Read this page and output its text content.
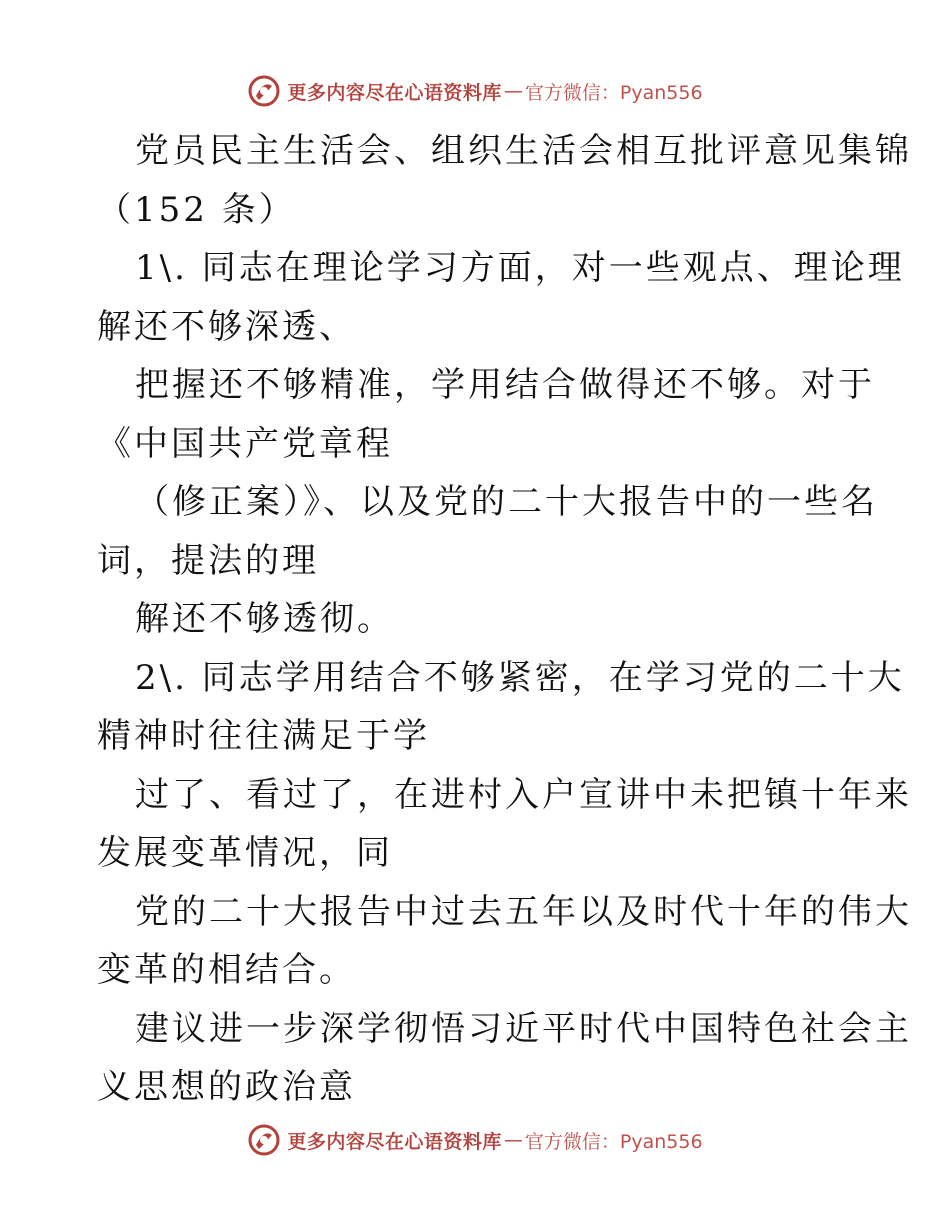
更多内容尽在心语资料库 — 官方微信：Pyan556
党员民主生活会、组织生活会相互批评意见集锦
（152 条）
1\. 同志在理论学习方面，对一些观点、理论理
解还不够深透、
把握还不够精准，学用结合做得还不够。对于
《中国共产党章程
（修正案）》、以及党的二十大报告中的一些名
词，提法的理
解还不够透彻。
2\. 同志学用结合不够紧密，在学习党的二十大
精神时往往满足于学
过了、看过了，在进村入户宣讲中未把镇十年来
发展变革情况，同
党的二十大报告中过去五年以及时代十年的伟大
变革的相结合。
建议进一步深学彻悟习近平时代中国特色社会主
义思想的政治意
更多内容尽在心语资料库 — 官方微信：Pyan556
